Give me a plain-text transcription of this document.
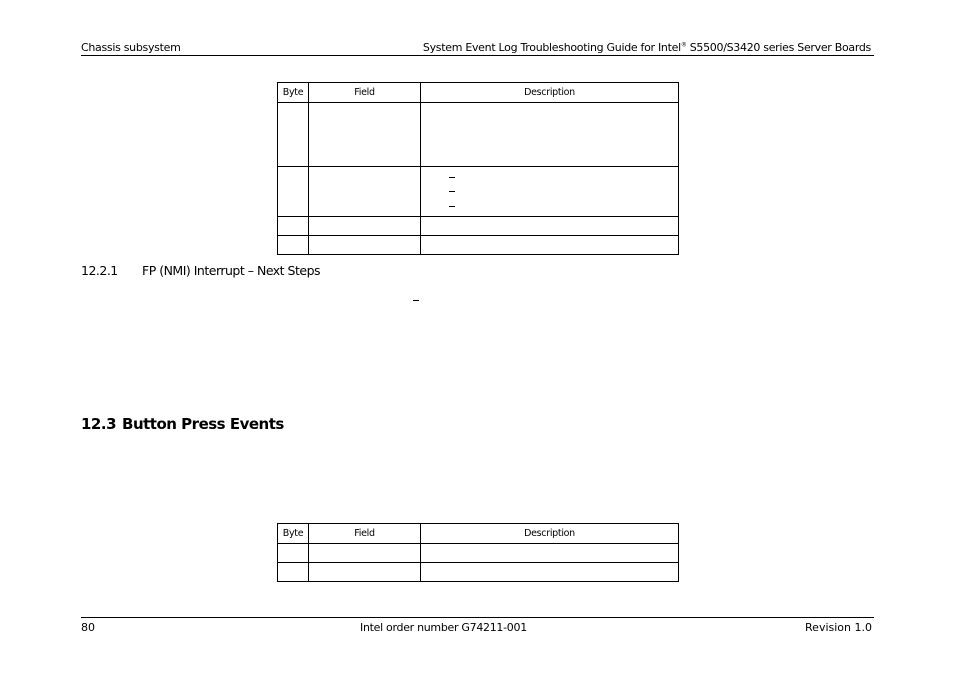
Chassis subsystem	System Event Log Troubleshooting Guide for Intel® S5500/S3420 series Server Boards
Byte	Field	Description

12.2.1 FP (NMI) Interrupt – Next Steps
12.3 Button Press Events
Byte	Field	Description

80	Intel order number G74211-001	Revision 1.0
